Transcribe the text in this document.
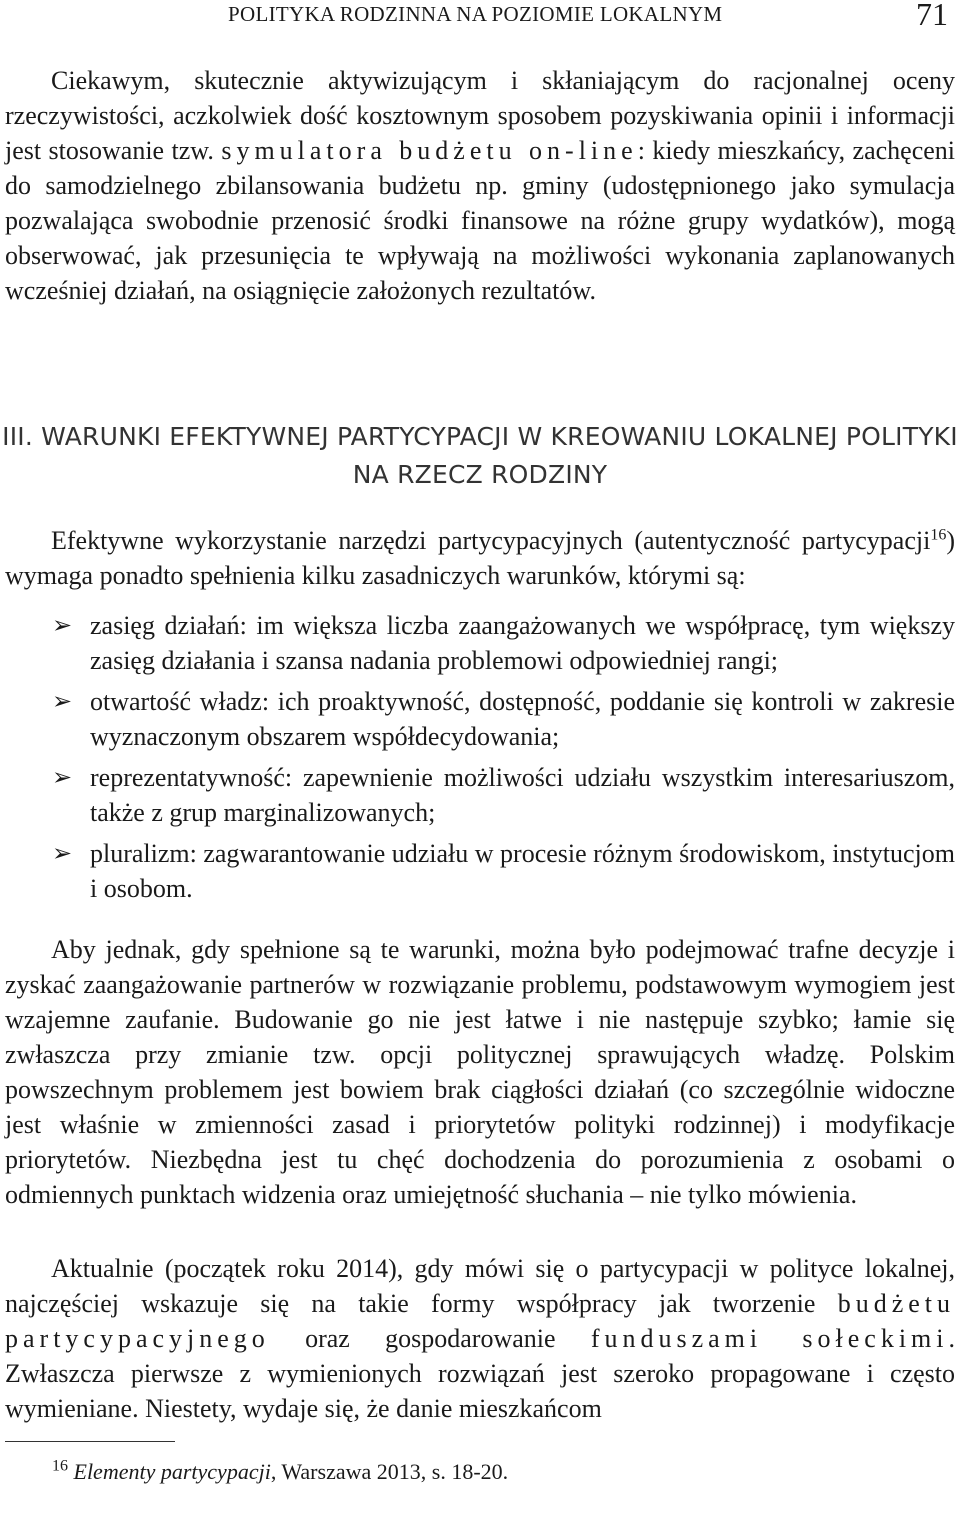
POLITYKA RODZINNA NA POZIOMIE LOKALNYM	71

Ciekawym, skutecznie aktywizującym i skłaniającym do racjonalnej oceny rzeczywistości, aczkolwiek dość kosztownym sposobem pozyskiwania opinii i informacji jest stosowanie tzw. symulatora budżetu on-line: kiedy mieszkańcy, zachęceni do samodzielnego zbilansowania budżetu np. gminy (udostępnionego jako symulacja pozwalająca swobodnie przenosić środki finansowe na różne grupy wydatków), mogą obserwować, jak przesunięcia te wpływają na możliwości wykonania zaplanowanych wcześniej działań, na osiągnięcie założonych rezultatów.

III. WARUNKI EFEKTYWNEJ PARTYCYPACJI W KREOWANIU LOKALNEJ POLITYKI
NA RZECZ RODZINY

Efektywne wykorzystanie narzędzi partycypacyjnych (autentyczność partycypacji$^{16}$) wymaga ponadto spełnienia kilku zasadniczych warunków, którymi są:

➢ zasięg działań: im większa liczba zaangażowanych we współpracę, tym większy zasięg działania i szansa nadania problemowi odpowiedniej rangi;
➢ otwartość władz: ich proaktywność, dostępność, poddanie się kontroli w zakresie wyznaczonym obszarem współdecydowania;
➢ reprezentatywność: zapewnienie możliwości udziału wszystkim interesariuszom, także z grup marginalizowanych;
➢ pluralizm: zagwarantowanie udziału w procesie różnym środowiskom, instytucjom i osobom.

Aby jednak, gdy spełnione są te warunki, można było podejmować trafne decyzje i zyskać zaangażowanie partnerów w rozwiązanie problemu, podstawowym wymogiem jest wzajemne zaufanie. Budowanie go nie jest łatwe i nie następuje szybko; łamie się zwłaszcza przy zmianie tzw. opcji politycznej sprawujących władzę. Polskim powszechnym problemem jest bowiem brak ciągłości działań (co szczególnie widoczne jest właśnie w zmienności zasad i priorytetów polityki rodzinnej) i modyfikacje priorytetów. Niezbędna jest tu chęć dochodzenia do porozumienia z osobami o odmiennych punktach widzenia oraz umiejętność słuchania – nie tylko mówienia.

Aktualnie (początek roku 2014), gdy mówi się o partycypacji w polityce lokalnej, najczęściej wskazuje się na takie formy współpracy jak tworzenie budżetu partycypacyjnego oraz gospodarowanie funduszami sołeckimi. Zwłaszcza pierwsze z wymienionych rozwiązań jest szeroko propagowane i często wymieniane. Niestety, wydaje się, że danie mieszkańcom

$^{16}$ Elementy partycypacji, Warszawa 2013, s. 18-20.
